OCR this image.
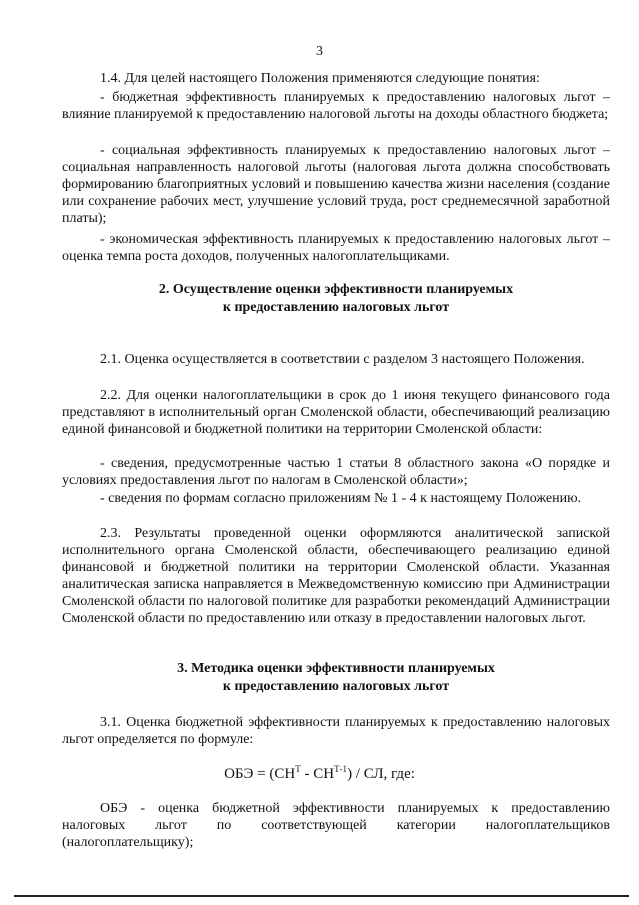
3

1.4. Для целей настоящего Положения применяются следующие понятия:

- бюджетная эффективность планируемых к предоставлению налоговых льгот – влияние планируемой к предоставлению налоговой льготы на доходы областного бюджета;

- социальная эффективность планируемых к предоставлению налоговых льгот – социальная направленность налоговой льготы (налоговая льгота должна способствовать формированию благоприятных условий и повышению качества жизни населения (создание или сохранение рабочих мест, улучшение условий труда, рост среднемесячной заработной платы);

- экономическая эффективность планируемых к предоставлению налоговых льгот – оценка темпа роста доходов, полученных налогоплательщиками.

2. Осуществление оценки эффективности планируемых

к предоставлению налоговых льгот

2.1. Оценка осуществляется в соответствии с разделом 3 настоящего Положения.

2.2. Для оценки налогоплательщики в срок до 1 июня текущего финансового года представляют в исполнительный орган Смоленской области, обеспечивающий реализацию единой финансовой и бюджетной политики на территории Смоленской области:

- сведения, предусмотренные частью 1 статьи 8 областного закона «О порядке и условиях предоставления льгот по налогам в Смоленской области»;

- сведения по формам согласно приложениям № 1 - 4 к настоящему Положению.

2.3. Результаты проведенной оценки оформляются аналитической запиской исполнительного органа Смоленской области, обеспечивающего реализацию единой финансовой и бюджетной политики на территории Смоленской области. Указанная аналитическая записка направляется в Межведомственную комиссию при Администрации Смоленской области по налоговой политике для разработки рекомендаций Администрации Смоленской области по предоставлению или отказу в предоставлении налоговых льгот.

3. Методика оценки эффективности планируемых

к предоставлению налоговых льгот

3.1. Оценка бюджетной эффективности планируемых к предоставлению налоговых льгот определяется по формуле:

ОБЭ = $(СН^Т - СН^{Т-1})$ / СЛ, где:

ОБЭ - оценка бюджетной эффективности планируемых к предоставлению налоговых льгот по соответствующей категории налогоплательщиков (налогоплательщику);
